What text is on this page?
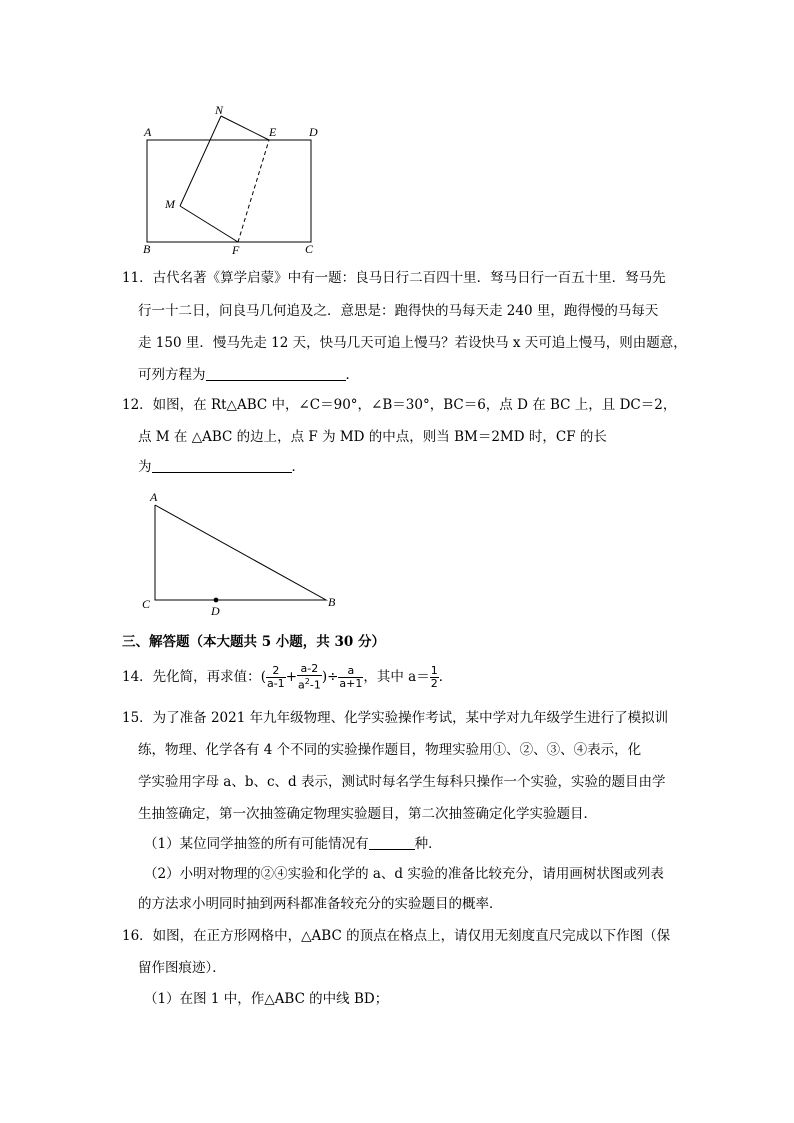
A	D
B	C
N
E
M
F
11．古代名著《算学启蒙》中有一题：良马日行二百四十里．驽马日行一百五十里．驽马先
行一十二日，问良马几何追及之．意思是：跑得快的马每天走 240 里，跑得慢的马每天
走 150 里．慢马先走 12 天，快马几天可追上慢马？若设快马 x 天可追上慢马，则由题意，
可列方程为	．
12．如图，在 Rt△ABC 中，∠C＝90°，∠B＝30°，BC＝6，点 D 在 BC 上，且 DC＝2，
点 M 在 △ABC 的边上，点 F 为 MD 的中点，则当 BM＝2MD 时，CF 的长
为	．
A
C	D
B
三、解答题（本大题共 5 小题，共 30 分）
14．先化简，再求值：( $\frac{2}{a-1} + \frac{a-2}{a^2-1}$ )÷ $\frac{a}{a+1}$ ，其中 $a= \frac{1}{2}$ ．
15．为了准备 2021 年九年级物理、化学实验操作考试，某中学对九年级学生进行了模拟训
练，物理、化学各有 4 个不同的实验操作题目，物理实验用①、②、③、④表示，化
学实验用字母 a、b、c、d 表示，测试时每名学生每科只操作一个实验，实验的题目由学
生抽签确定，第一次抽签确定物理实验题目，第二次抽签确定化学实验题目．
（1）某位同学抽签的所有可能情况有	种．
（2）小明对物理的②④实验和化学的 a、d 实验的准备比较充分，请用画树状图或列表
的方法求小明同时抽到两科都准备较充分的实验题目的概率．
16．如图，在正方形网格中，△ABC 的顶点在格点上，请仅用无刻度直尺完成以下作图（保
留作图痕迹）．
（1）在图 1 中，作△ABC 的中线 BD；
